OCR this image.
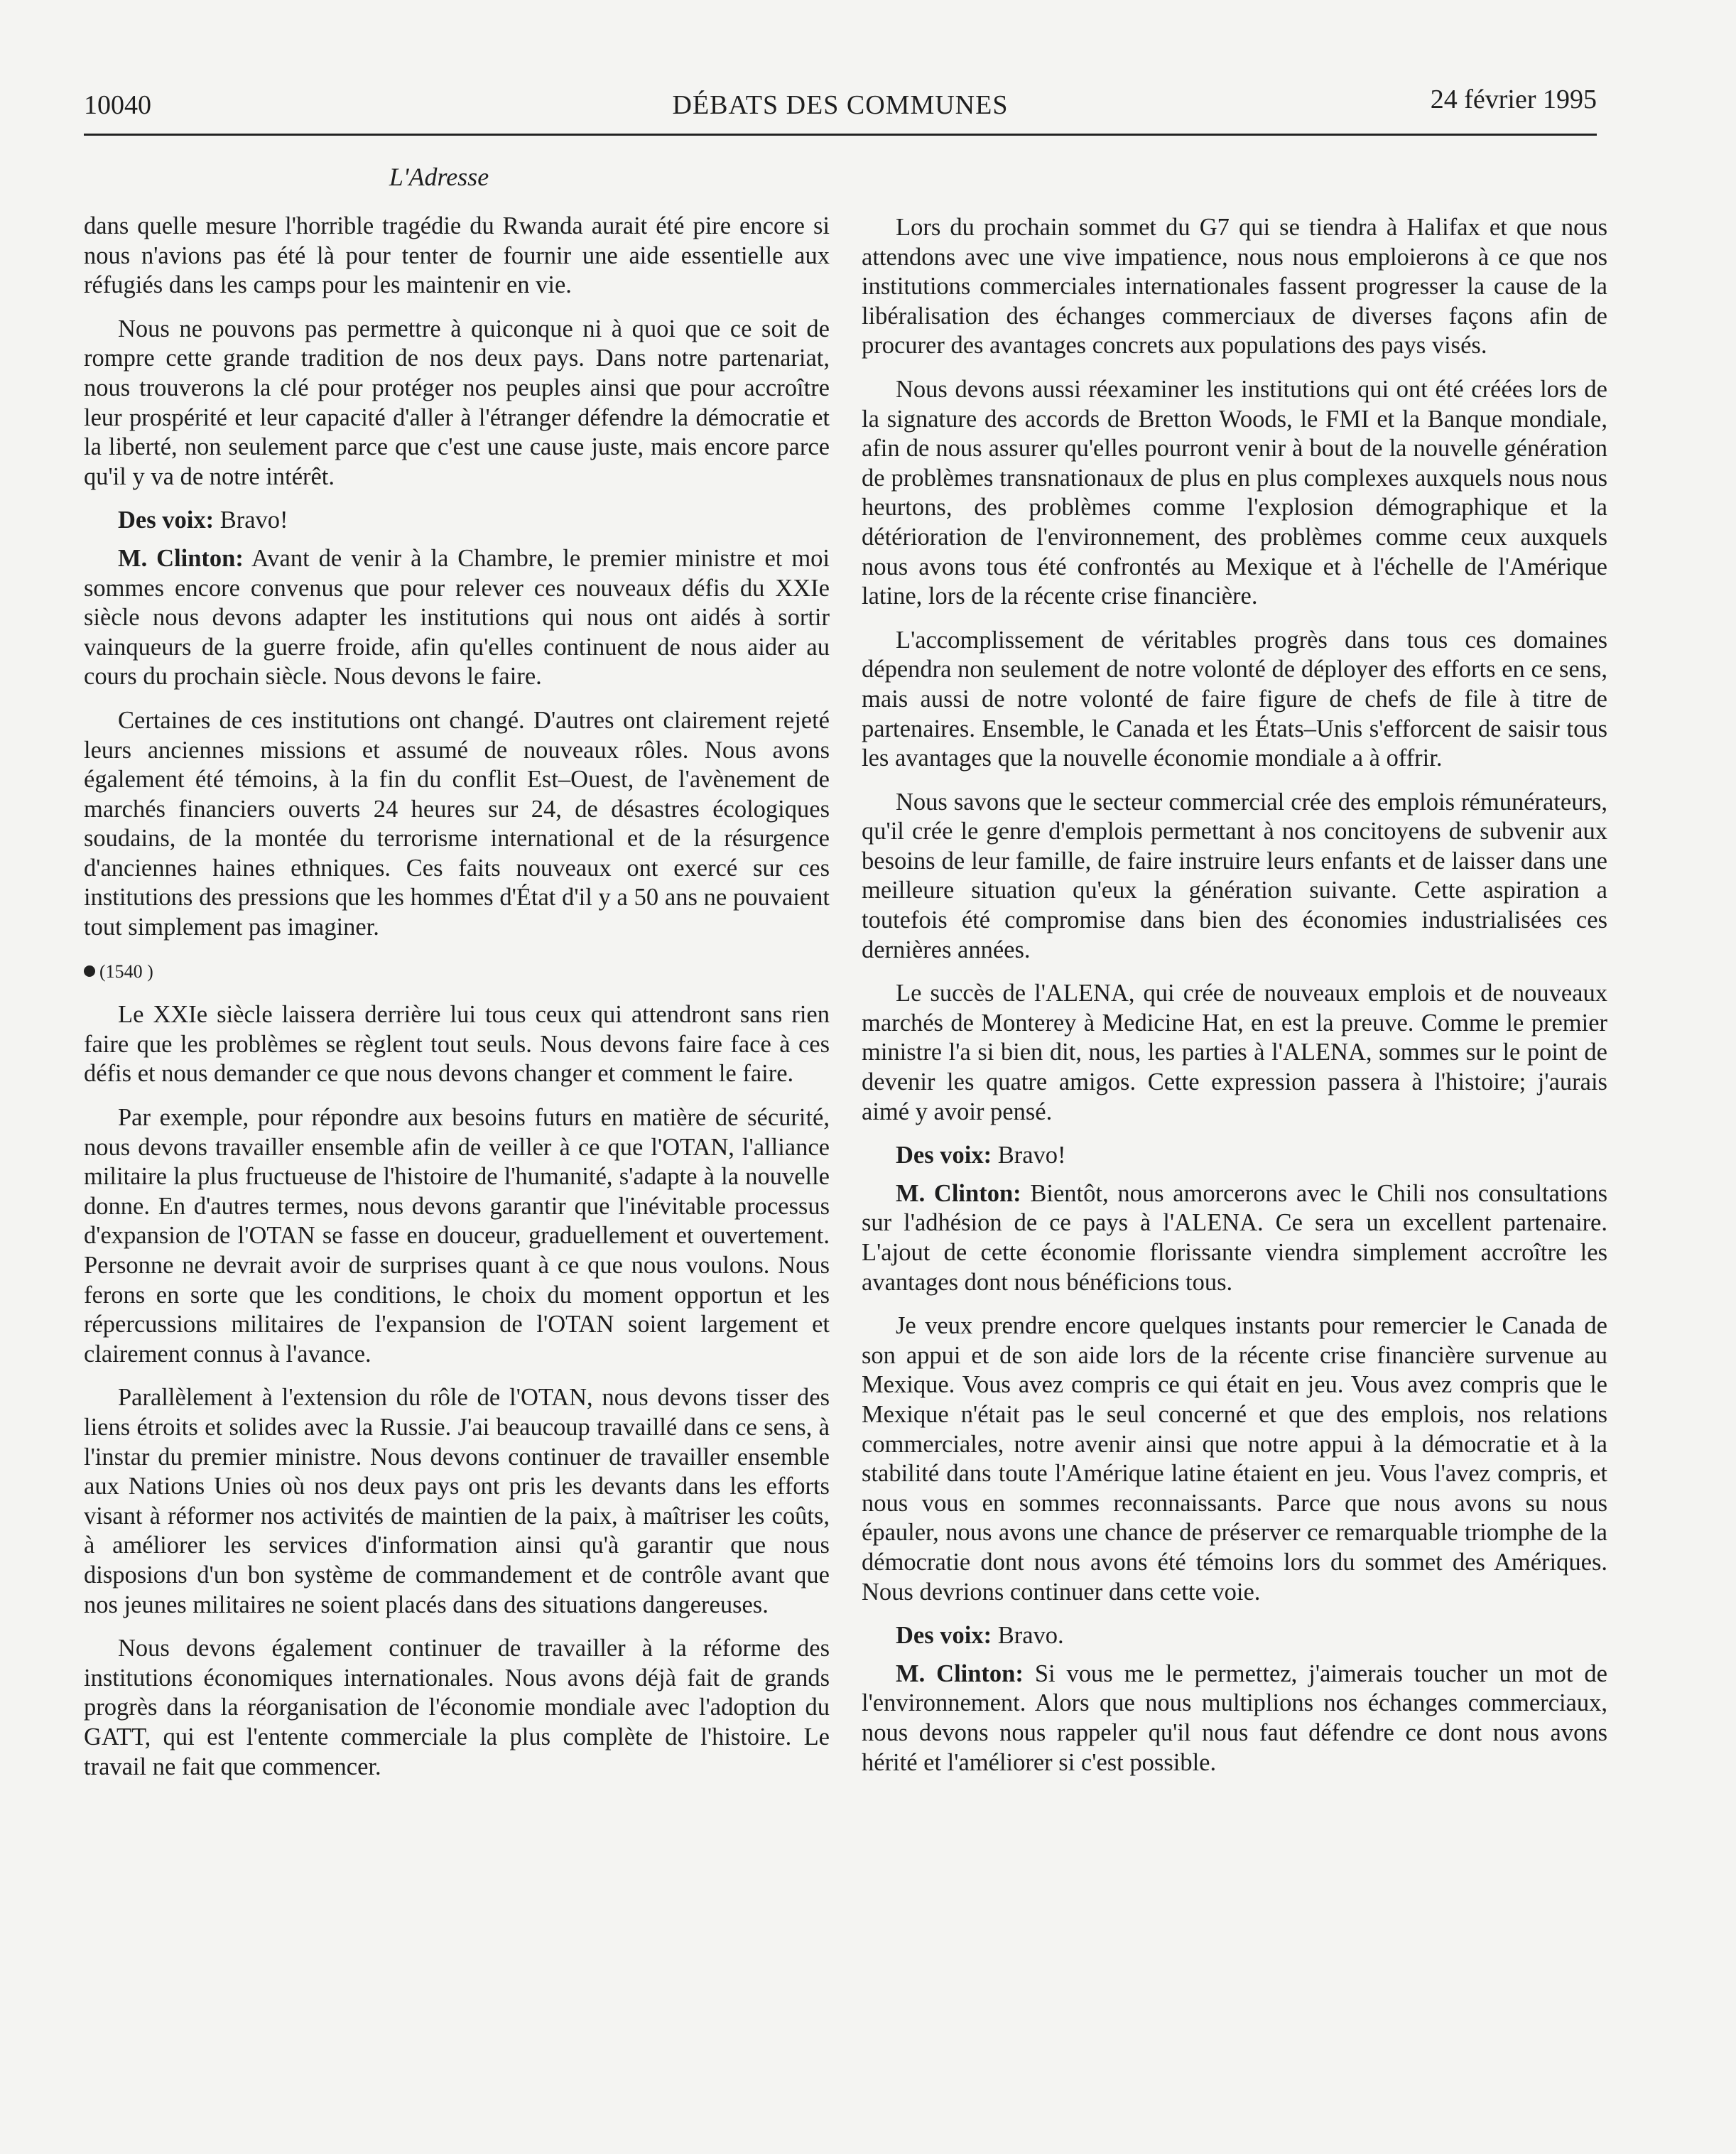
10040	DÉBATS DES COMMUNES	24 février 1995
L'Adresse

dans quelle mesure l'horrible tragédie du Rwanda aurait été pire encore si nous n'avions pas été là pour tenter de fournir une aide essentielle aux réfugiés dans les camps pour les maintenir en vie.

Nous ne pouvons pas permettre à quiconque ni à quoi que ce soit de rompre cette grande tradition de nos deux pays. Dans notre partenariat, nous trouverons la clé pour protéger nos peuples ainsi que pour accroître leur prospérité et leur capacité d'aller à l'étranger défendre la démocratie et la liberté, non seulement parce que c'est une cause juste, mais encore parce qu'il y va de notre intérêt.

Des voix: Bravo!

M. Clinton: Avant de venir à la Chambre, le premier ministre et moi sommes encore convenus que pour relever ces nouveaux défis du XXIe siècle nous devons adapter les institutions qui nous ont aidés à sortir vainqueurs de la guerre froide, afin qu'elles continuent de nous aider au cours du prochain siècle. Nous devons le faire.

Certaines de ces institutions ont changé. D'autres ont clairement rejeté leurs anciennes missions et assumé de nouveaux rôles. Nous avons également été témoins, à la fin du conflit Est–Ouest, de l'avènement de marchés financiers ouverts 24 heures sur 24, de désastres écologiques soudains, de la montée du terrorisme international et de la résurgence d'anciennes haines ethniques. Ces faits nouveaux ont exercé sur ces institutions des pressions que les hommes d'État d'il y a 50 ans ne pouvaient tout simplement pas imaginer.

(1540 )

Le XXIe siècle laissera derrière lui tous ceux qui attendront sans rien faire que les problèmes se règlent tout seuls. Nous devons faire face à ces défis et nous demander ce que nous devons changer et comment le faire.

Par exemple, pour répondre aux besoins futurs en matière de sécurité, nous devons travailler ensemble afin de veiller à ce que l'OTAN, l'alliance militaire la plus fructueuse de l'histoire de l'humanité, s'adapte à la nouvelle donne. En d'autres termes, nous devons garantir que l'inévitable processus d'expansion de l'OTAN se fasse en douceur, graduellement et ouvertement. Personne ne devrait avoir de surprises quant à ce que nous voulons. Nous ferons en sorte que les conditions, le choix du moment opportun et les répercussions militaires de l'expansion de l'OTAN soient largement et clairement connus à l'avance.

Parallèlement à l'extension du rôle de l'OTAN, nous devons tisser des liens étroits et solides avec la Russie. J'ai beaucoup travaillé dans ce sens, à l'instar du premier ministre. Nous devons continuer de travailler ensemble aux Nations Unies où nos deux pays ont pris les devants dans les efforts visant à réformer nos activités de maintien de la paix, à maîtriser les coûts, à améliorer les services d'information ainsi qu'à garantir que nous disposions d'un bon système de commandement et de contrôle avant que nos jeunes militaires ne soient placés dans des situations dangereuses.

Nous devons également continuer de travailler à la réforme des institutions économiques internationales. Nous avons déjà fait de grands progrès dans la réorganisation de l'économie mondiale avec l'adoption du GATT, qui est l'entente commerciale la plus complète de l'histoire. Le travail ne fait que commencer.

Lors du prochain sommet du G7 qui se tiendra à Halifax et que nous attendons avec une vive impatience, nous nous emploierons à ce que nos institutions commerciales internationales fassent progresser la cause de la libéralisation des échanges commerciaux de diverses façons afin de procurer des avantages concrets aux populations des pays visés.

Nous devons aussi réexaminer les institutions qui ont été créées lors de la signature des accords de Bretton Woods, le FMI et la Banque mondiale, afin de nous assurer qu'elles pourront venir à bout de la nouvelle génération de problèmes transnationaux de plus en plus complexes auxquels nous nous heurtons, des problèmes comme l'explosion démographique et la détérioration de l'environnement, des problèmes comme ceux auxquels nous avons tous été confrontés au Mexique et à l'échelle de l'Amérique latine, lors de la récente crise financière.

L'accomplissement de véritables progrès dans tous ces domaines dépendra non seulement de notre volonté de déployer des efforts en ce sens, mais aussi de notre volonté de faire figure de chefs de file à titre de partenaires. Ensemble, le Canada et les États–Unis s'efforcent de saisir tous les avantages que la nouvelle économie mondiale a à offrir.

Nous savons que le secteur commercial crée des emplois rémunérateurs, qu'il crée le genre d'emplois permettant à nos concitoyens de subvenir aux besoins de leur famille, de faire instruire leurs enfants et de laisser dans une meilleure situation qu'eux la génération suivante. Cette aspiration a toutefois été compromise dans bien des économies industrialisées ces dernières années.

Le succès de l'ALENA, qui crée de nouveaux emplois et de nouveaux marchés de Monterey à Medicine Hat, en est la preuve. Comme le premier ministre l'a si bien dit, nous, les parties à l'ALENA, sommes sur le point de devenir les quatre amigos. Cette expression passera à l'histoire; j'aurais aimé y avoir pensé.

Des voix: Bravo!

M. Clinton: Bientôt, nous amorcerons avec le Chili nos consultations sur l'adhésion de ce pays à l'ALENA. Ce sera un excellent partenaire. L'ajout de cette économie florissante viendra simplement accroître les avantages dont nous bénéficions tous.

Je veux prendre encore quelques instants pour remercier le Canada de son appui et de son aide lors de la récente crise financière survenue au Mexique. Vous avez compris ce qui était en jeu. Vous avez compris que le Mexique n'était pas le seul concerné et que des emplois, nos relations commerciales, notre avenir ainsi que notre appui à la démocratie et à la stabilité dans toute l'Amérique latine étaient en jeu. Vous l'avez compris, et nous vous en sommes reconnaissants. Parce que nous avons su nous épauler, nous avons une chance de préserver ce remarquable triomphe de la démocratie dont nous avons été témoins lors du sommet des Amériques. Nous devrions continuer dans cette voie.

Des voix: Bravo.

M. Clinton: Si vous me le permettez, j'aimerais toucher un mot de l'environnement. Alors que nous multiplions nos échanges commerciaux, nous devons nous rappeler qu'il nous faut défendre ce dont nous avons hérité et l'améliorer si c'est possible.
